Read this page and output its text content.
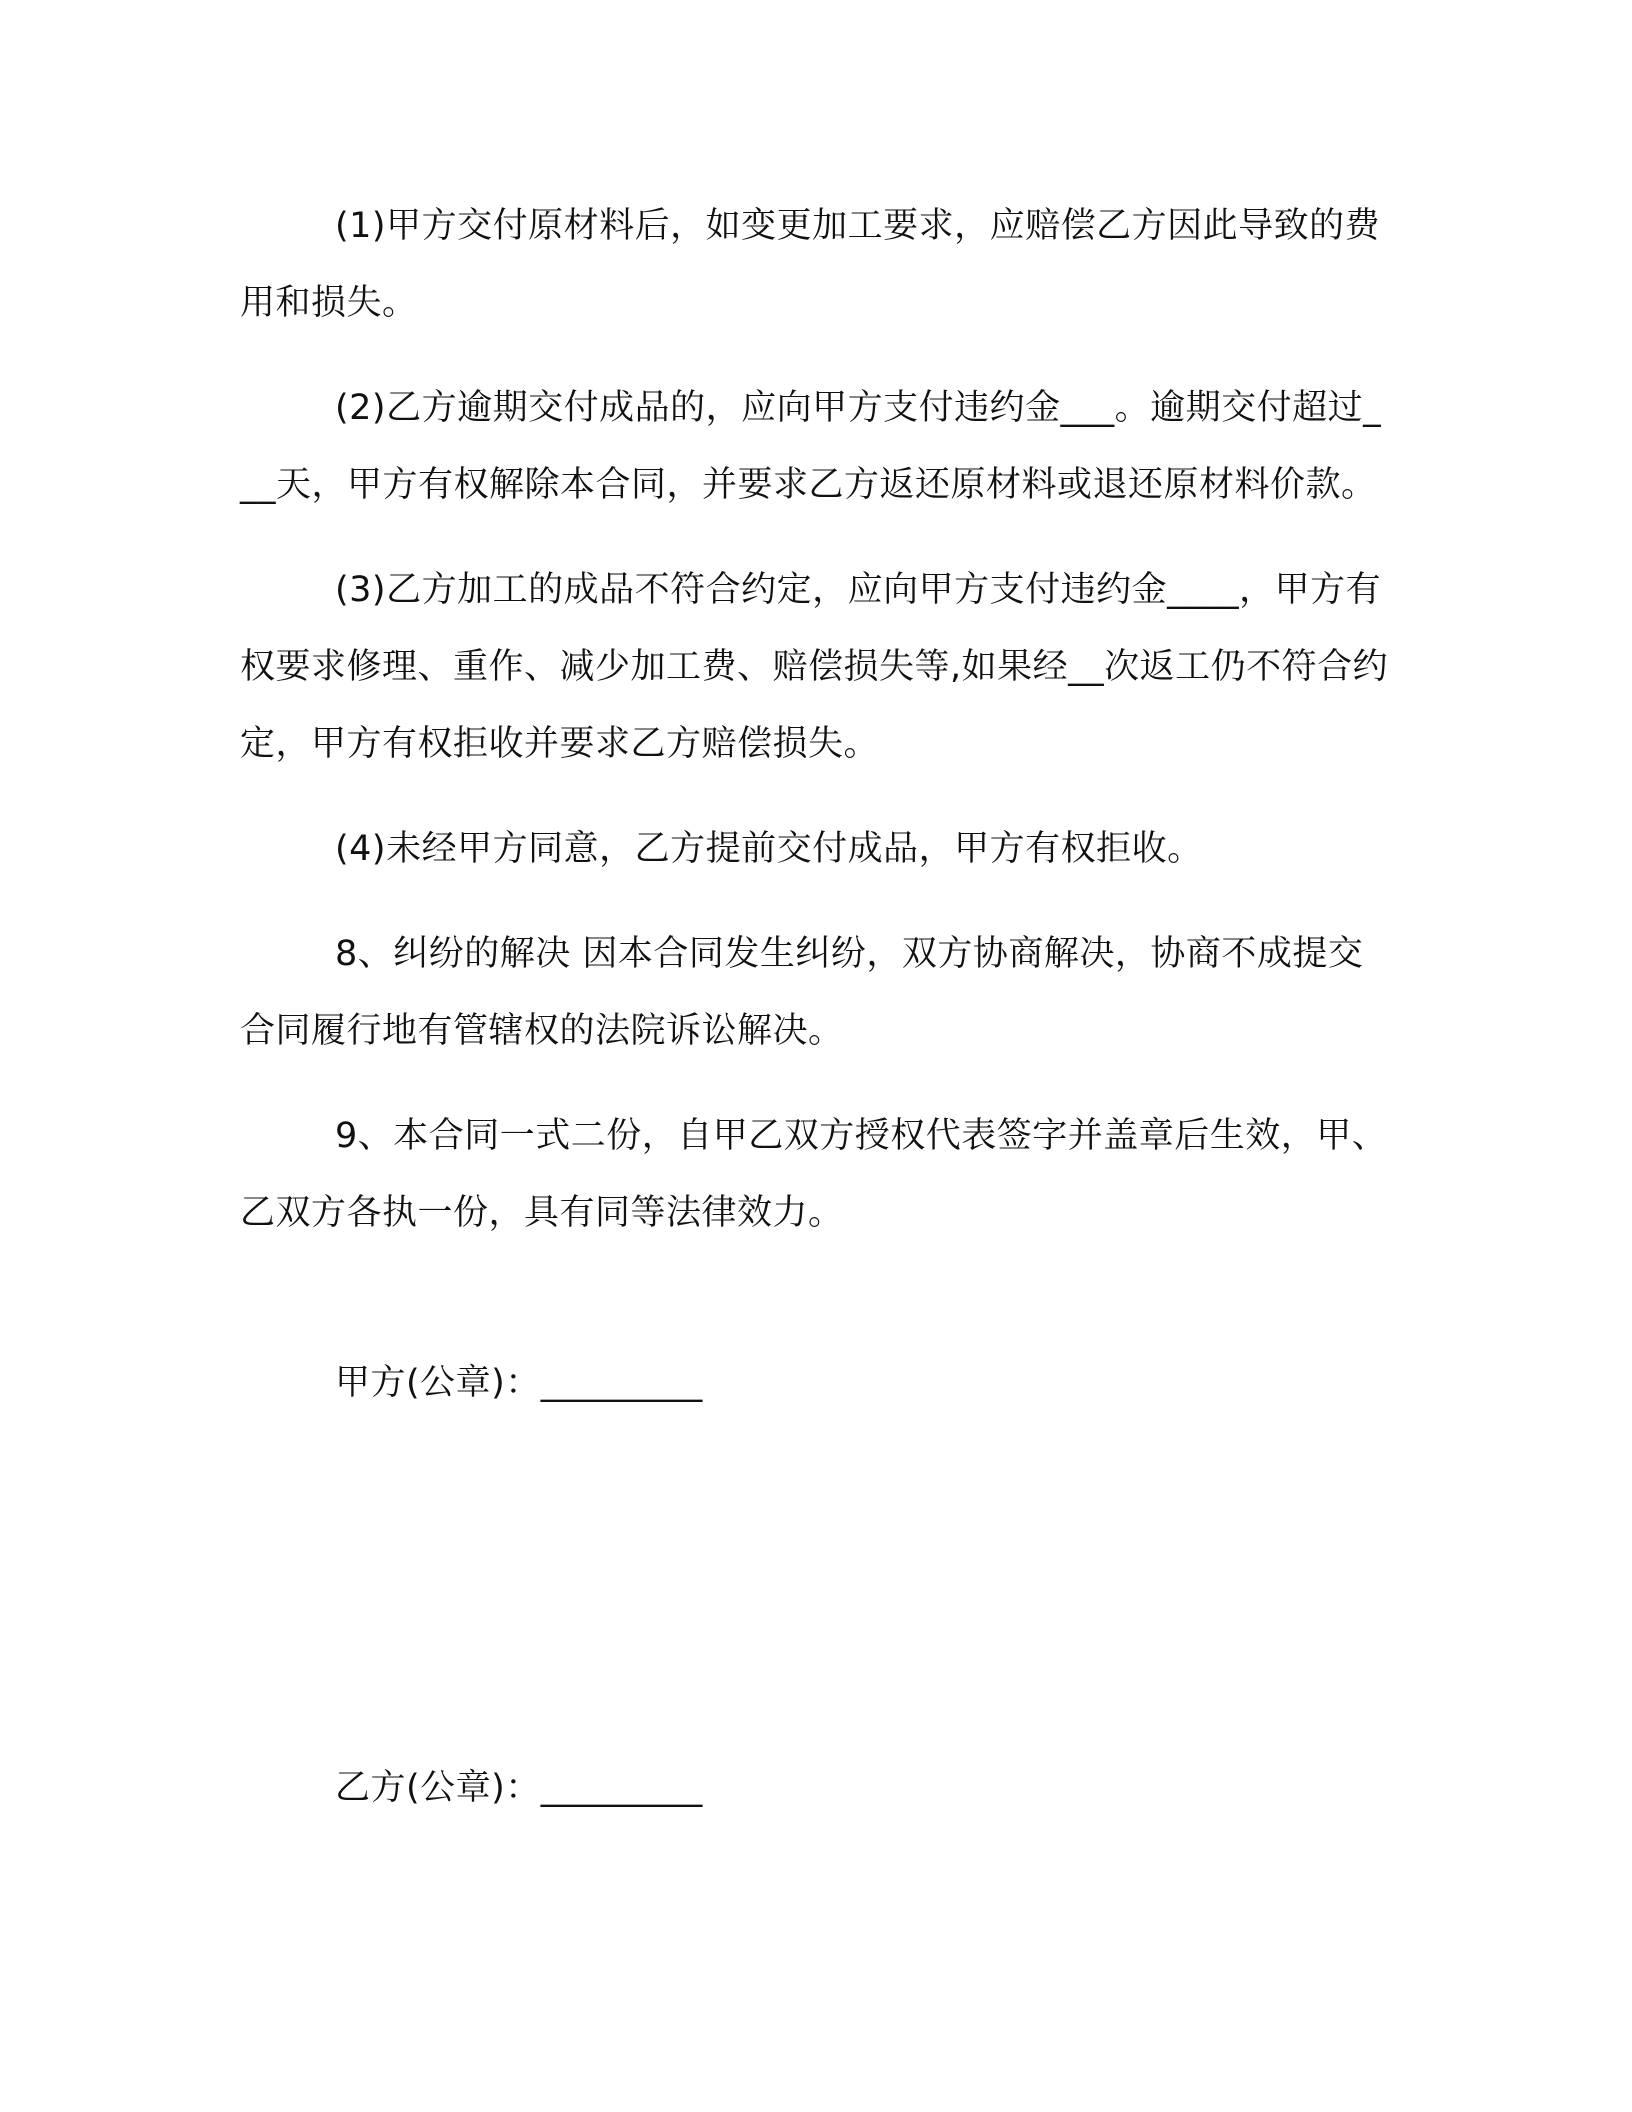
(1)甲方交付原材料后，如变更加工要求，应赔偿乙方因此导致的费用和损失。

(2)乙方逾期交付成品的，应向甲方支付违约金___。逾期交付超过___天，甲方有权解除本合同，并要求乙方返还原材料或退还原材料价款。

(3)乙方加工的成品不符合约定，应向甲方支付违约金____，甲方有权要求修理、重作、减少加工费、赔偿损失等,如果经__次返工仍不符合约定，甲方有权拒收并要求乙方赔偿损失。

(4)未经甲方同意，乙方提前交付成品，甲方有权拒收。

8、纠纷的解决 因本合同发生纠纷，双方协商解决，协商不成提交合同履行地有管辖权的法院诉讼解决。

9、本合同一式二份，自甲乙双方授权代表签字并盖章后生效，甲、乙双方各执一份，具有同等法律效力。

甲方(公章)：_________
乙方(公章)：_________
